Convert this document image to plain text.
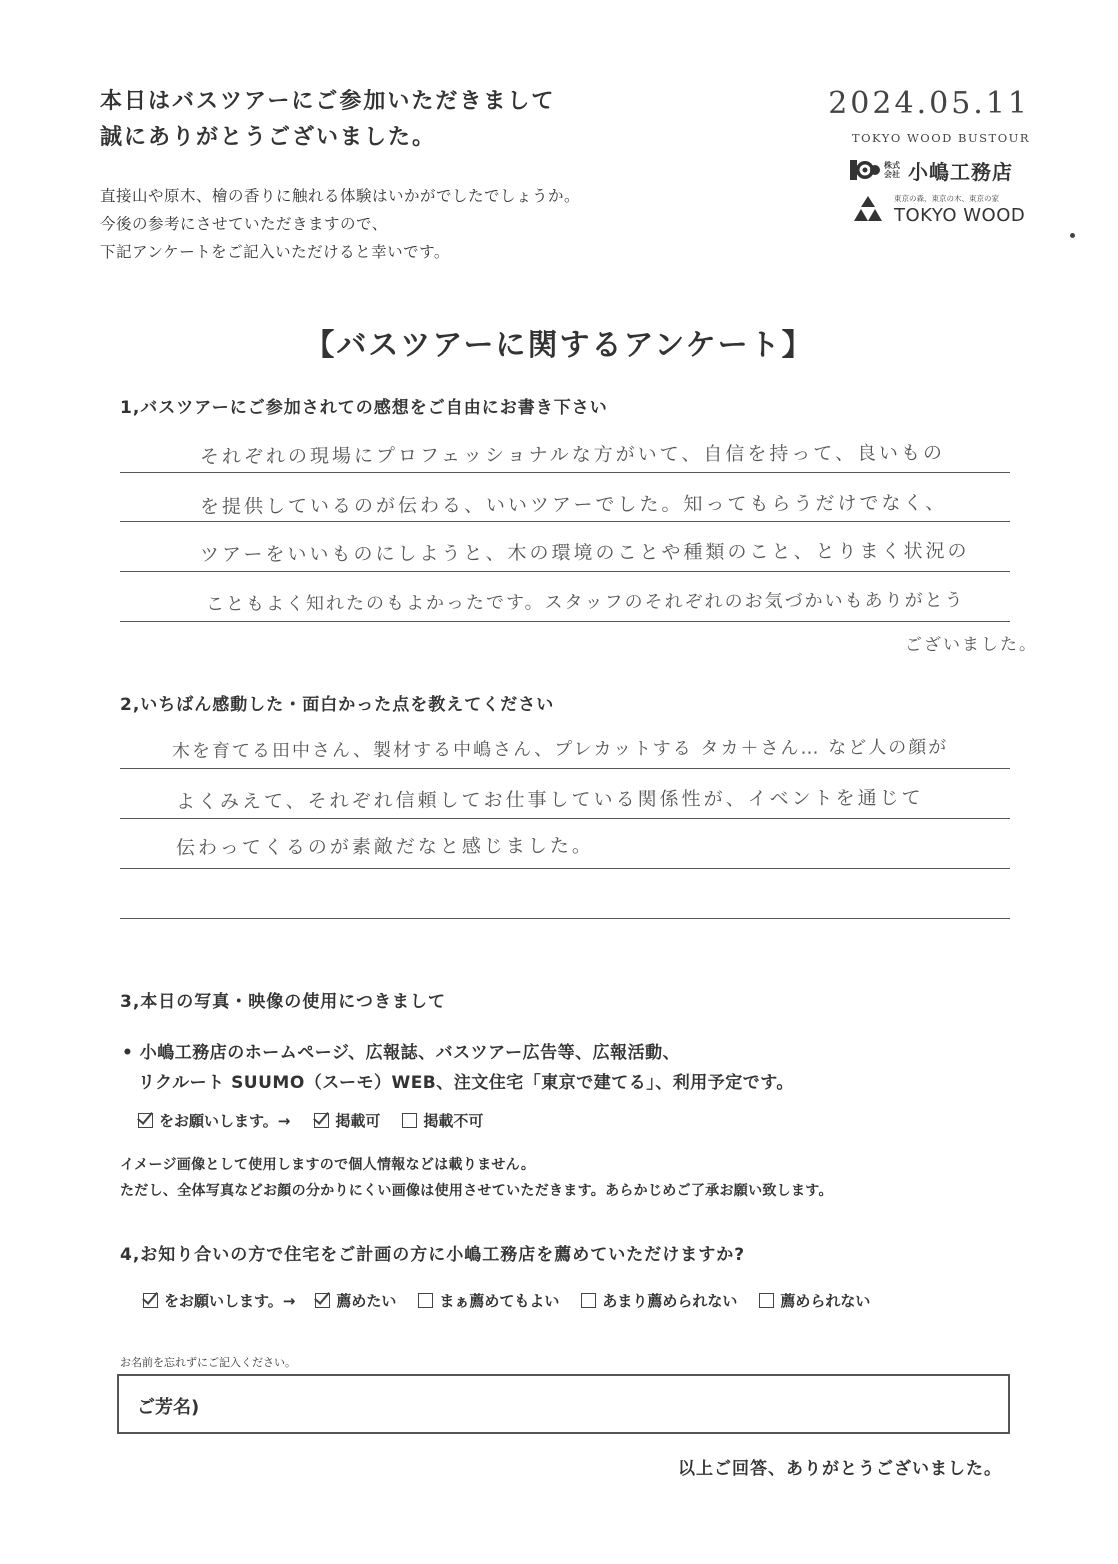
本日はバスツアーにご参加いただきまして
誠にありがとうございました。
直接山や原木、檜の香りに触れる体験はいかがでしたでしょうか。
今後の参考にさせていただきますので、
下記アンケートをご記入いただけると幸いです。
2024.05.11
TOKYO WOOD BUSTOUR
株式会社 小嶋工務店
東京の森、東京の木、東京の家
TOKYO WOOD
【バスツアーに関するアンケート】
1,バスツアーにご参加されての感想をご自由にお書き下さい
それぞれの現場にプロフェッショナルな方がいて、自信を持って、良いもの
を提供しているのが伝わる、いいツアーでした。知ってもらうだけでなく、
ツアーをいいものにしようと、木の環境のことや種類のこと、とりまく状況の
こともよく知れたのもよかったです。スタッフのそれぞれのお気づかいもありがとう
ございました。
2,いちばん感動した・面白かった点を教えてください
木を育てる田中さん、製材する中嶋さん、プレカットする タカ＋さん… など人の顔が
よくみえて、それぞれ信頼してお仕事している関係性が、イベントを通じて
伝わってくるのが素敵だなと感じました。
3,本日の写真・映像の使用につきまして
• 小嶋工務店のホームページ、広報誌、バスツアー広告等、広報活動、
リクルート SUUMO（スーモ）WEB、注文住宅「東京で建てる」、利用予定です。
をお願いします。→	掲載可	掲載不可
イメージ画像として使用しますので個人情報などは載りません。
ただし、全体写真などお顔の分かりにくい画像は使用させていただきます。あらかじめご了承お願い致します。
4,お知り合いの方で住宅をご計画の方に小嶋工務店を薦めていただけますか?
をお願いします。→	薦めたい	まぁ薦めてもよい	あまり薦められない	薦められない
お名前を忘れずにご記入ください。
ご芳名)
以上ご回答、ありがとうございました。
